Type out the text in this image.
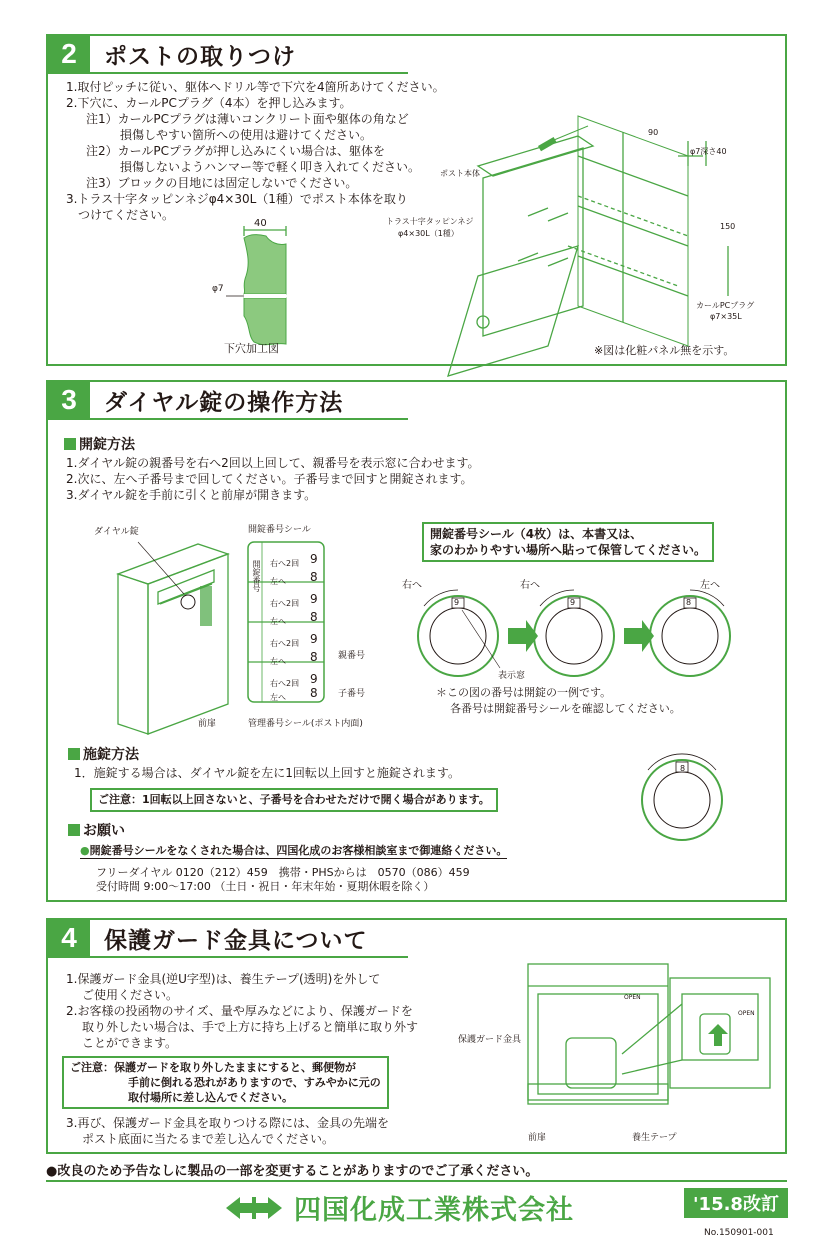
2	ポストの取りつけ
1.取付ピッチに従い、躯体へドリル等で下穴を4箇所あけてください。
2.下穴に、カールPCプラグ（4本）を押し込みます。
注1）カールPCプラグは薄いコンクリート面や躯体の角など
損傷しやすい箇所への使用は避けてください。
注2）カールPCプラグが押し込みにくい場合は、躯体を
損傷しないようハンマー等で軽く叩き入れてください。
注3）ブロックの目地には固定しないでください。
3.トラス十字タッピンネジφ4×30L（1種）でポスト本体を取り
つけてください。
40
φ7
下穴加工図
ポスト本体
トラス十字タッピンネジ
φ4×30L（1種）
90
φ7深さ40
150
カールPCプラグ
φ7×35L
※図は化粧パネル無を示す。
3	ダイヤル錠の操作方法
開錠方法
1.ダイヤル錠の親番号を右へ2回以上回して、親番号を表示窓に合わせます。
2.次に、左へ子番号まで回してください。子番号まで回すと開錠されます。
3.ダイヤル錠を手前に引くと前扉が開きます。
ダイヤル錠	開錠番号シール
前扉
右へ2回 9
左へ 8
右へ2回 9
左へ 8
右へ2回 9
左へ 8
右へ2回 9
左へ 8
開錠番号
親番号
子番号
管理番号シール(ポスト内面)
開錠番号シール（4枚）は、本書又は、
家のわかりやすい場所へ貼って保管してください。
9	9	8
右へ	右へ	左へ
表示窓
＊この図の番号は開錠の一例です。
各番号は開錠番号シールを確認してください。
施錠方法
1．施錠する場合は、ダイヤル錠を左に1回転以上回すと施錠されます。
ご注意：1回転以上回さないと、子番号を合わせただけで開く場合があります。
8
お願い
●開錠番号シールをなくされた場合は、四国化成のお客様相談室まで御連絡ください。
フリーダイヤル 0120（212）459　携帯・PHSからは　0570（086）459
受付時間 9:00～17:00 （土日・祝日・年末年始・夏期休暇を除く）
4	保護ガード金具について
1.保護ガード金具(逆U字型)は、養生テープ(透明)を外して
ご使用ください。
2.お客様の投函物のサイズ、量や厚みなどにより、保護ガードを
取り外したい場合は、手で上方に持ち上げると簡単に取り外す
ことができます。
ご注意：保護ガードを取り外したままにすると、郵便物が
手前に倒れる恐れがありますので、すみやかに元の
取付場所に差し込んでください。
3.再び、保護ガード金具を取りつける際には、金具の先端を
ポスト底面に当たるまで差し込んでください。
保護ガード金具
OPEN
OPEN
前扉	養生テープ
●改良のため予告なしに製品の一部を変更することがありますのでご了承ください。
四国化成工業株式会社	'15.8改訂
No.150901-001
